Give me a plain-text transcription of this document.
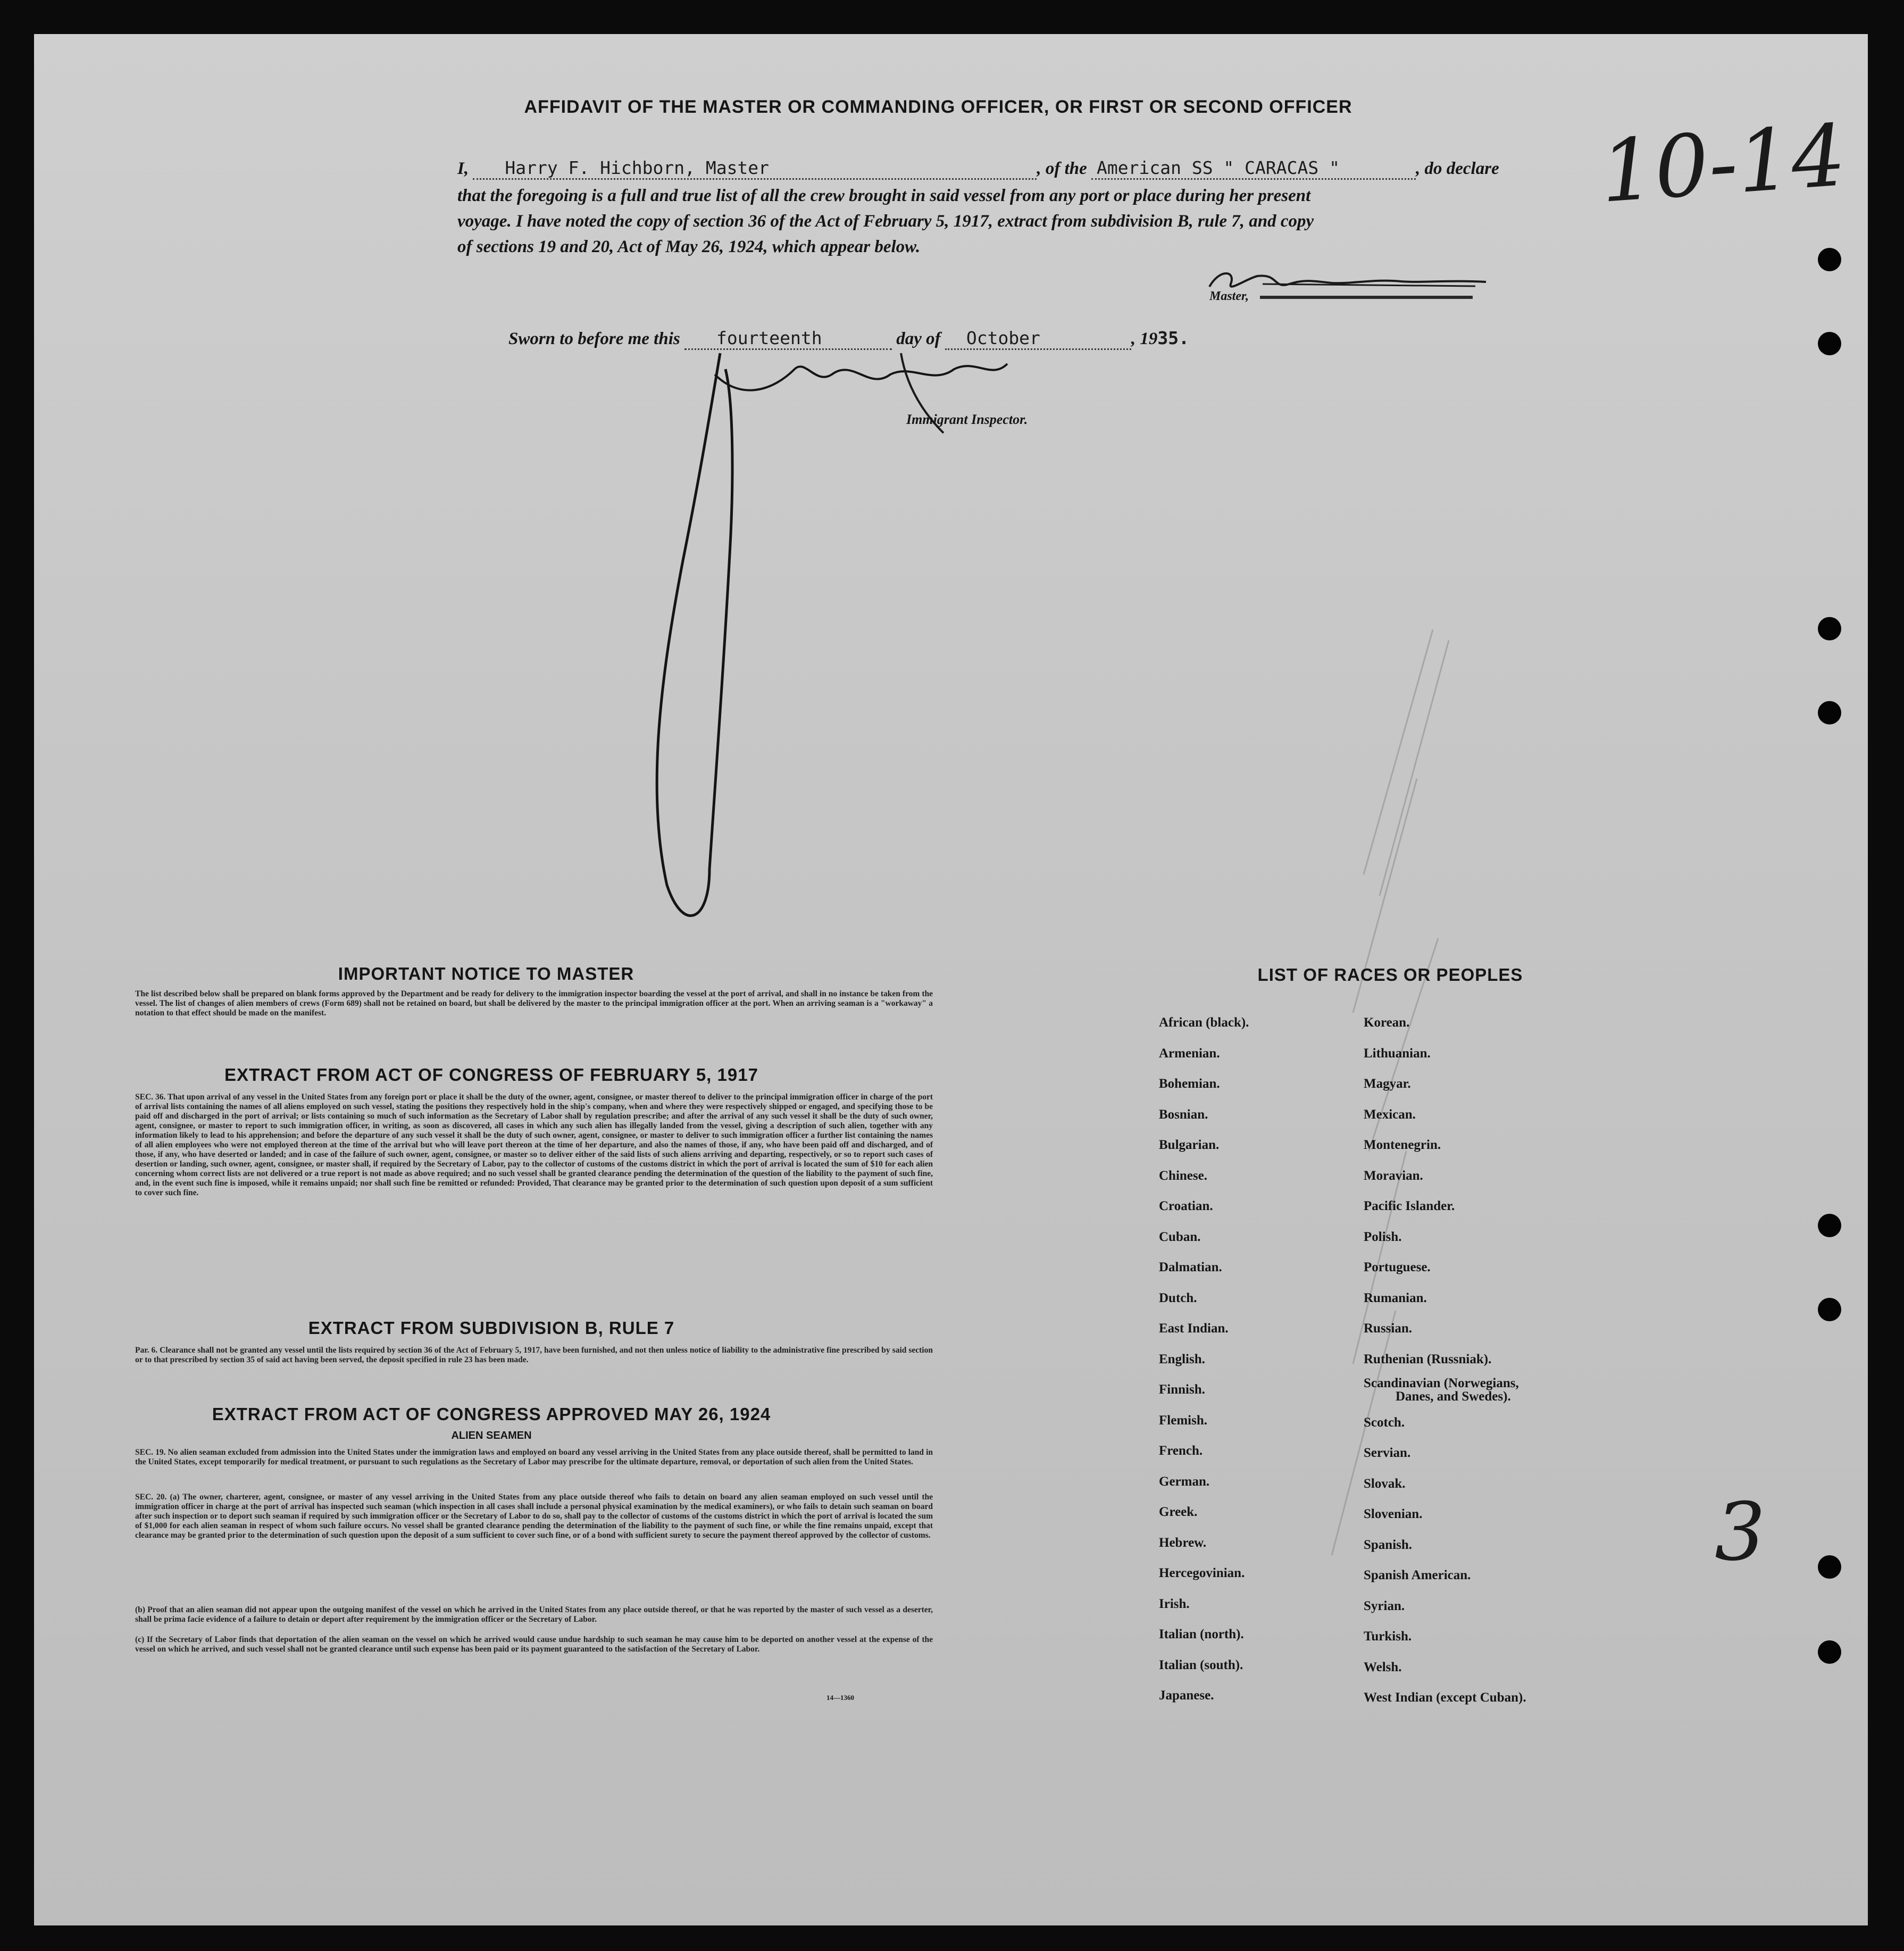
AFFIDAVIT OF THE MASTER OR COMMANDING OFFICER, OR FIRST OR SECOND OFFICER
I, Harry F. Hichborn, Master	, of the American SS " CARACAS "	, do declare
that the foregoing is a full and true list of all the crew brought in said vessel from any port or place during her present
voyage. I have noted the copy of section 36 of the Act of February 5, 1917, extract from subdivision B, rule 7, and copy
of sections 19 and 20, Act of May 26, 1924, which appear below.
Master,
Sworn to before me this fourteenth	day of October	, 1935.
Immigrant Inspector.
10-14
3
IMPORTANT NOTICE TO MASTER
The list described below shall be prepared on blank forms approved by the Department and be ready for delivery to the immigration inspector boarding the vessel at the port of arrival, and shall in no instance be taken from the vessel. The list of changes of alien members of crews (Form 689) shall not be retained on board, but shall be delivered by the master to the principal immigration officer at the port. When an arriving seaman is a "workaway" a notation to that effect should be made on the manifest.
EXTRACT FROM ACT OF CONGRESS OF FEBRUARY 5, 1917
SEC. 36. That upon arrival of any vessel in the United States from any foreign port or place it shall be the duty of the owner, agent, consignee, or master thereof to deliver to the principal immigration officer in charge of the port of arrival lists containing the names of all aliens employed on such vessel, stating the positions they respectively hold in the ship's company, when and where they were respectively shipped or engaged, and specifying those to be paid off and discharged in the port of arrival; or lists containing so much of such information as the Secretary of Labor shall by regulation prescribe; and after the arrival of any such vessel it shall be the duty of such owner, agent, consignee, or master to report to such immigration officer, in writing, as soon as discovered, all cases in which any such alien has illegally landed from the vessel, giving a description of such alien, together with any information likely to lead to his apprehension; and before the departure of any such vessel it shall be the duty of such owner, agent, consignee, or master to deliver to such immigration officer a further list containing the names of all alien employees who were not employed thereon at the time of the arrival but who will leave port thereon at the time of her departure, and also the names of those, if any, who have been paid off and discharged, and of those, if any, who have deserted or landed; and in case of the failure of such owner, agent, consignee, or master so to deliver either of the said lists of such aliens arriving and departing, respectively, or so to report such cases of desertion or landing, such owner, agent, consignee, or master shall, if required by the Secretary of Labor, pay to the collector of customs of the customs district in which the port of arrival is located the sum of $10 for each alien concerning whom correct lists are not delivered or a true report is not made as above required; and no such vessel shall be granted clearance pending the determination of the question of the liability to the payment of such fine, and, in the event such fine is imposed, while it remains unpaid; nor shall such fine be remitted or refunded: Provided, That clearance may be granted prior to the determination of such question upon deposit of a sum sufficient to cover such fine.
EXTRACT FROM SUBDIVISION B, RULE 7
Par. 6. Clearance shall not be granted any vessel until the lists required by section 36 of the Act of February 5, 1917, have been furnished, and not then unless notice of liability to the administrative fine prescribed by said section or to that prescribed by section 35 of said act having been served, the deposit specified in rule 23 has been made.
EXTRACT FROM ACT OF CONGRESS APPROVED MAY 26, 1924
ALIEN SEAMEN
SEC. 19. No alien seaman excluded from admission into the United States under the immigration laws and employed on board any vessel arriving in the United States from any place outside thereof, shall be permitted to land in the United States, except temporarily for medical treatment, or pursuant to such regulations as the Secretary of Labor may prescribe for the ultimate departure, removal, or deportation of such alien from the United States.
SEC. 20. (a) The owner, charterer, agent, consignee, or master of any vessel arriving in the United States from any place outside thereof who fails to detain on board any alien seaman employed on such vessel until the immigration officer in charge at the port of arrival has inspected such seaman (which inspection in all cases shall include a personal physical examination by the medical examiners), or who fails to detain such seaman on board after such inspection or to deport such seaman if required by such immigration officer or the Secretary of Labor to do so, shall pay to the collector of customs of the customs district in which the port of arrival is located the sum of $1,000 for each alien seaman in respect of whom such failure occurs. No vessel shall be granted clearance pending the determination of the liability to the payment of such fine, or while the fine remains unpaid, except that clearance may be granted prior to the determination of such question upon the deposit of a sum sufficient to cover such fine, or of a bond with sufficient surety to secure the payment thereof approved by the collector of customs.
(b) Proof that an alien seaman did not appear upon the outgoing manifest of the vessel on which he arrived in the United States from any place outside thereof, or that he was reported by the master of such vessel as a deserter, shall be prima facie evidence of a failure to detain or deport after requirement by the immigration officer or the Secretary of Labor.
(c) If the Secretary of Labor finds that deportation of the alien seaman on the vessel on which he arrived would cause undue hardship to such seaman he may cause him to be deported on another vessel at the expense of the vessel on which he arrived, and such vessel shall not be granted clearance until such expense has been paid or its payment guaranteed to the satisfaction of the Secretary of Labor.
14—1360
LIST OF RACES OR PEOPLES
African (black).
Armenian.
Bohemian.
Bosnian.
Bulgarian.
Chinese.
Croatian.
Cuban.
Dalmatian.
Dutch.
East Indian.
English.
Finnish.
Flemish.
French.
German.
Greek.
Hebrew.
Hercegovinian.
Irish.
Italian (north).
Italian (south).
Japanese.
Korean.
Lithuanian.
Magyar.
Mexican.
Montenegrin.
Moravian.
Pacific Islander.
Polish.
Portuguese.
Rumanian.
Russian.
Ruthenian (Russniak).
Scandinavian (Norwegians,
Danes, and Swedes).
Scotch.
Servian.
Slovak.
Slovenian.
Spanish.
Spanish American.
Syrian.
Turkish.
Welsh.
West Indian (except Cuban).
